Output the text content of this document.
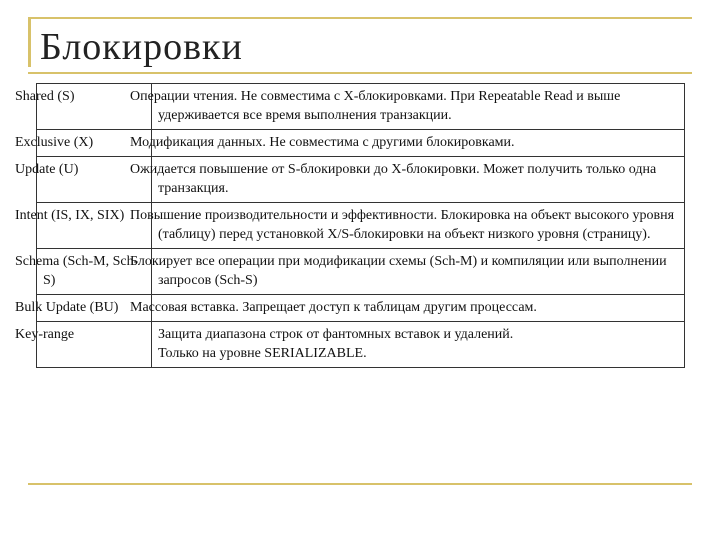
Блокировки
Shared (S)	Операции чтения. Не совместима с X-блокировками. При Repeatable Read и выше удерживается все время выполнения транзакции.
Exclusive (X)	Модификация данных. Не совместима с другими блокировками.
Update (U)	Ожидается повышение от S-блокировки до X-блокировки. Может получить только одна транзакция.
Intent (IS, IX, SIX)	Повышение производительности и эффективности. Блокировка на объект высокого уровня (таблицу) перед установкой X/S-блокировки на объект низкого уровня (страницу).
Schema (Sch-M, Sch-S)	Блокирует все операции при модификации схемы (Sch-M) и компиляции или выполнении запросов (Sch-S)
Bulk Update (BU)	Массовая вставка. Запрещает доступ к таблицам другим процессам.
Key-range	Защита диапазона строк от фантомных вставок и удалений.
Только на уровне SERIALIZABLE.
